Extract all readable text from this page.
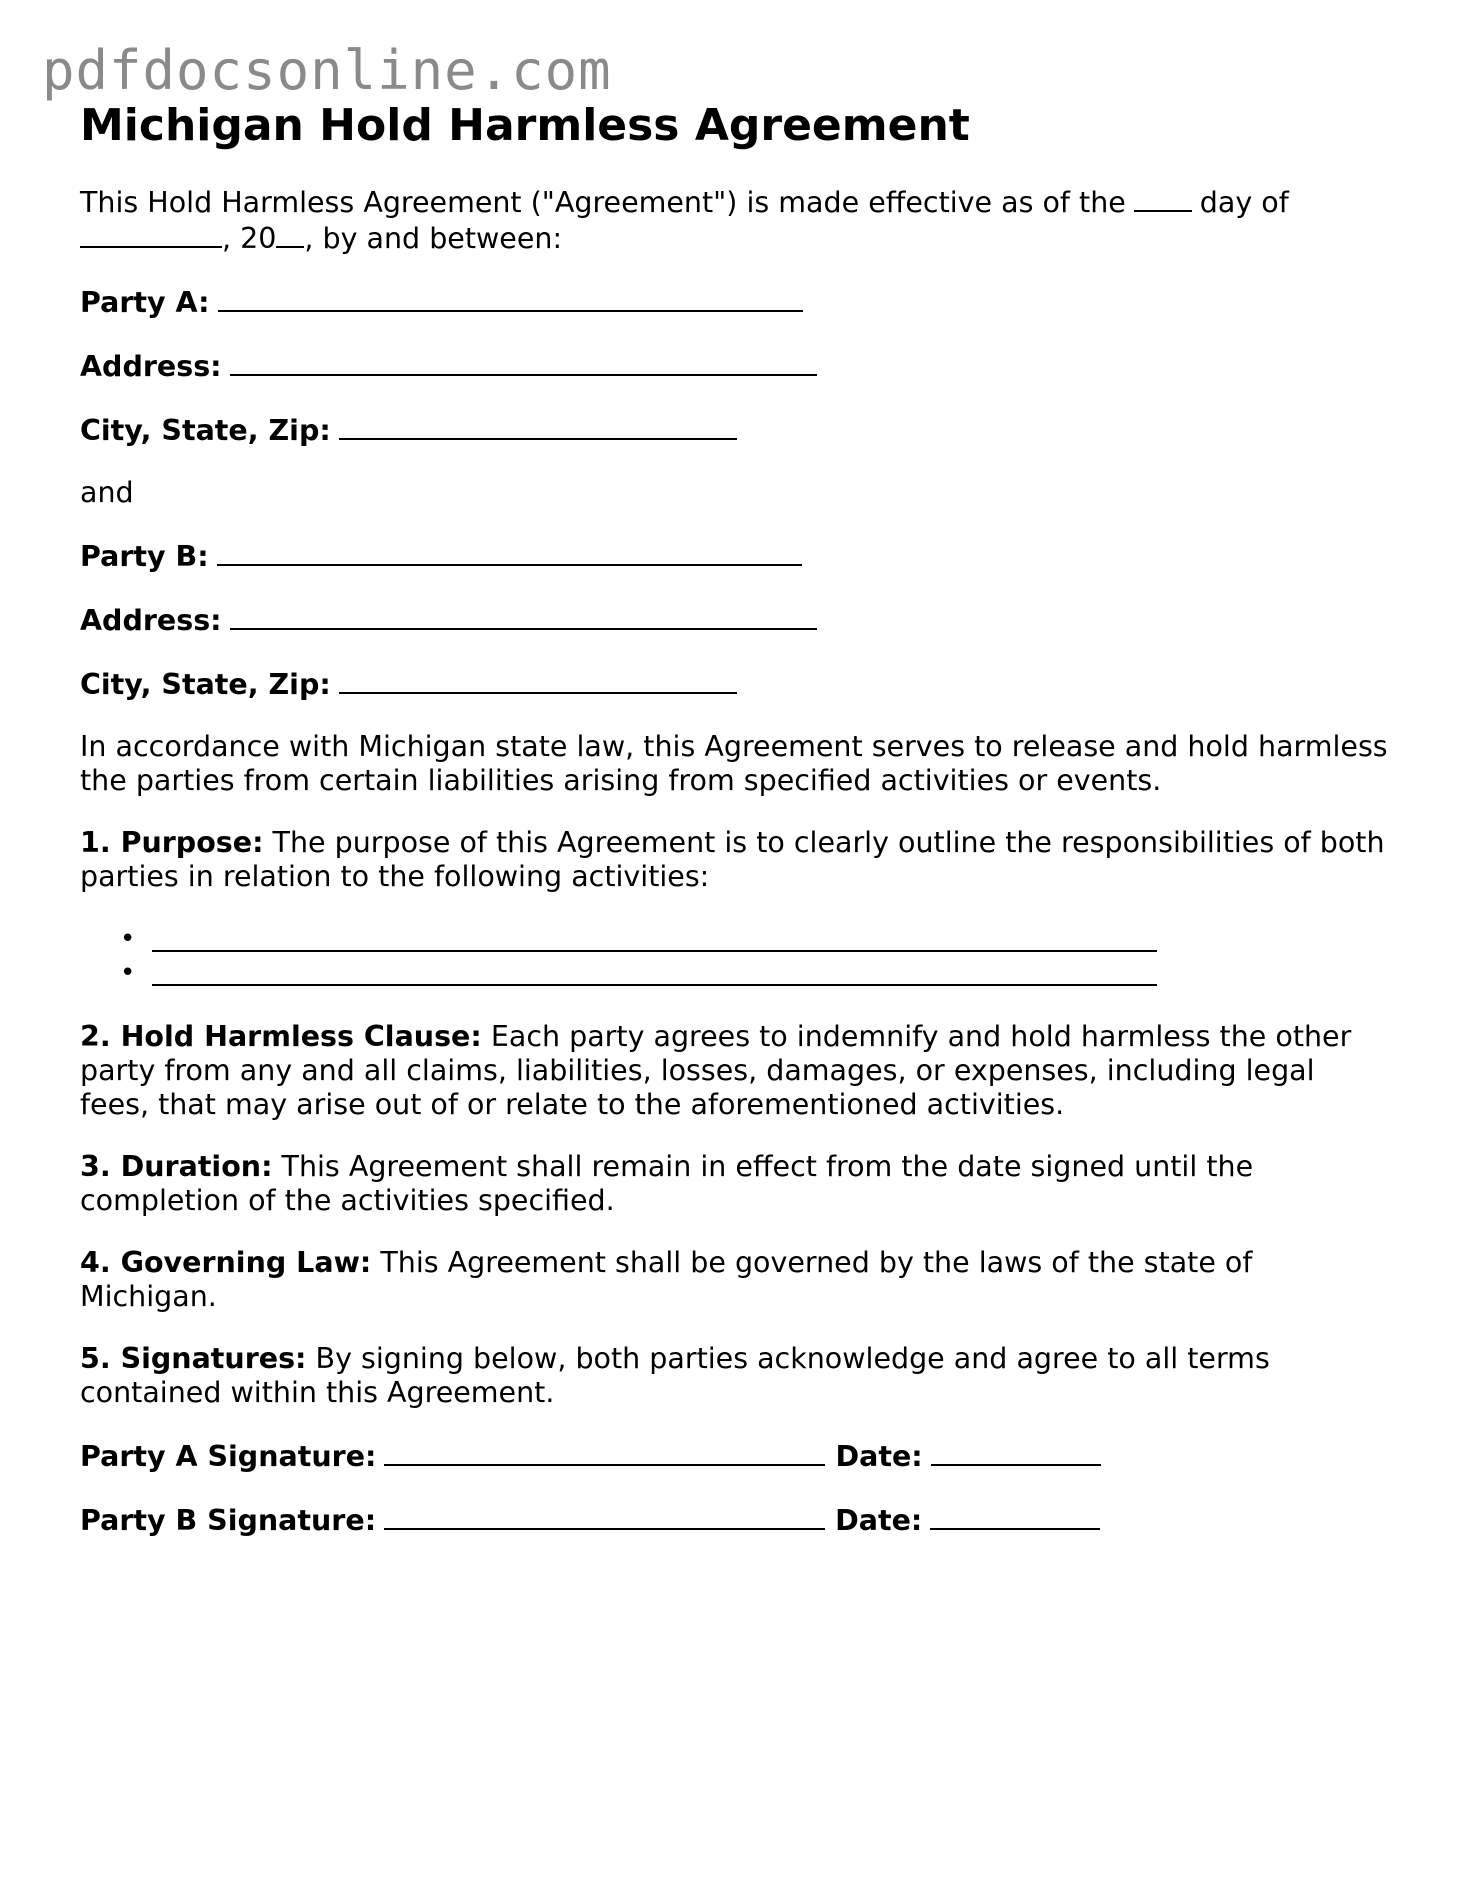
pdfdocsonline.com
Michigan Hold Harmless Agreement

This Hold Harmless Agreement ("Agreement") is made effective as of the	day of
, 20 , by and between:

Party A:
Address:
City, State, Zip:

and

Party B:
Address:
City, State, Zip:

In accordance with Michigan state law, this Agreement serves to release and hold harmless the parties from certain liabilities arising from specified activities or events.

1. Purpose: The purpose of this Agreement is to clearly outline the responsibilities of both parties in relation to the following activities:

•
•

2. Hold Harmless Clause: Each party agrees to indemnify and hold harmless the other party from any and all claims, liabilities, losses, damages, or expenses, including legal fees, that may arise out of or relate to the aforementioned activities.

3. Duration: This Agreement shall remain in effect from the date signed until the completion of the activities specified.

4. Governing Law: This Agreement shall be governed by the laws of the state of Michigan.

5. Signatures: By signing below, both parties acknowledge and agree to all terms contained within this Agreement.

Party A Signature:	Date:
Party B Signature:	Date:
